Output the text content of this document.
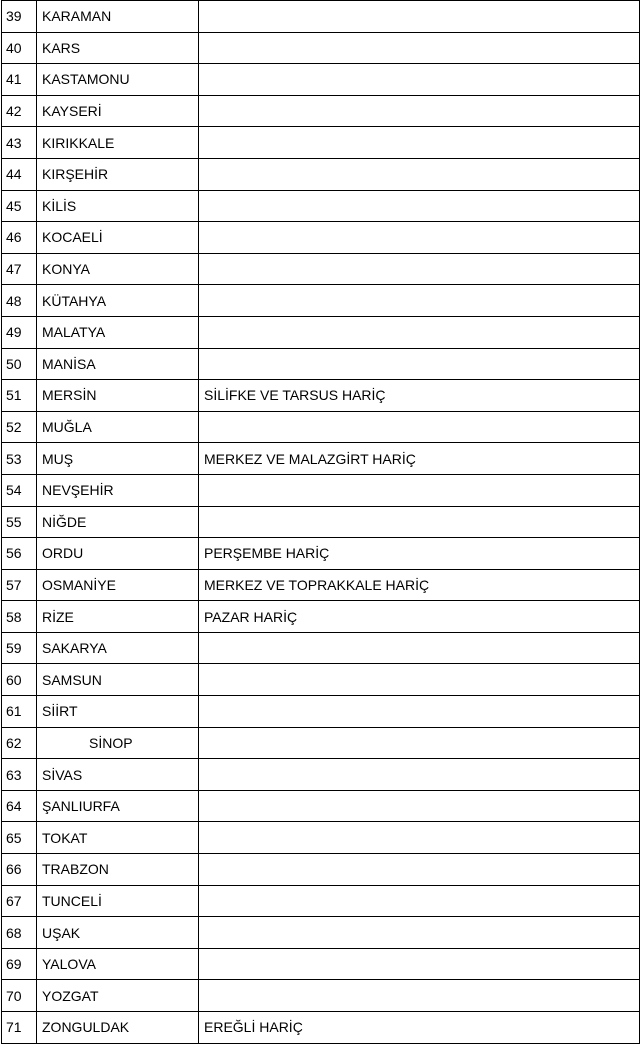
39	KARAMAN	
40	KARS	
41	KASTAMONU	
42	KAYSERİ	
43	KIRIKKALE	
44	KIRŞEHİR	
45	KİLİS	
46	KOCAELİ	
47	KONYA	
48	KÜTAHYA	
49	MALATYA	
50	MANİSA	
51	MERSİN	SİLİFKE VE TARSUS HARİÇ
52	MUĞLA	
53	MUŞ	MERKEZ VE MALAZGİRT HARİÇ
54	NEVŞEHİR	
55	NİĞDE	
56	ORDU	PERŞEMBE HARİÇ
57	OSMANİYE	MERKEZ VE TOPRAKKALE HARİÇ
58	RİZE	PAZAR HARİÇ
59	SAKARYA	
60	SAMSUN	
61	SİİRT	
62	SİNOP	
63	SİVAS	
64	ŞANLIURFA	
65	TOKAT	
66	TRABZON	
67	TUNCELİ	
68	UŞAK	
69	YALOVA	
70	YOZGAT	
71	ZONGULDAK	EREĞLİ HARİÇ
